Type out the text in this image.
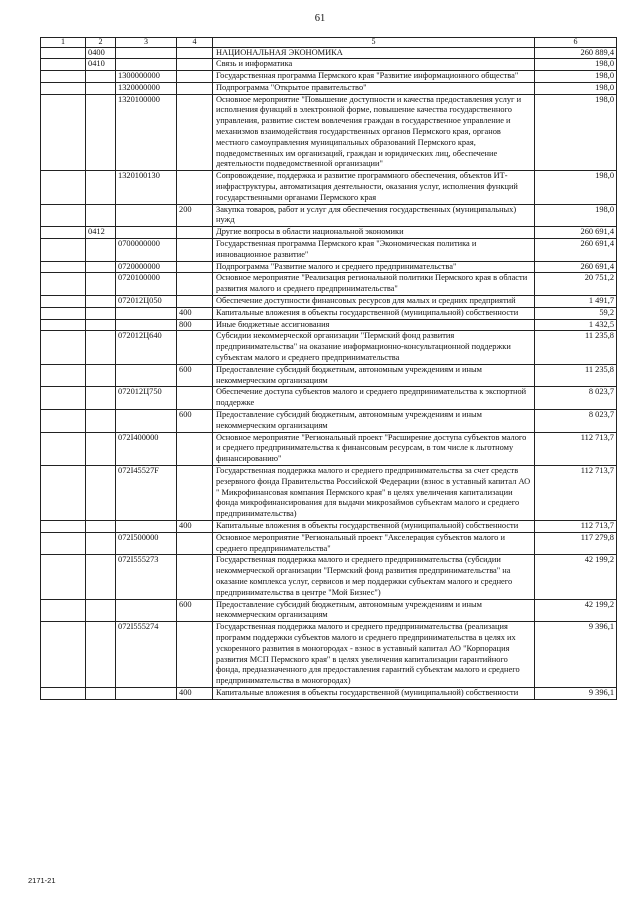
61
1	2	3	4	5	6
	0400			НАЦИОНАЛЬНАЯ ЭКОНОМИКА	260 889,4
	0410			Связь и информатика	198,0
		1300000000		Государственная программа Пермского края "Развитие информационного общества"	198,0
		1320000000		Подпрограмма "Открытое правительство"	198,0
		1320100000		Основное мероприятие "Повышение доступности и качества предоставления услуг и исполнения функций в электронной форме, повышение качества государственного управления, развитие систем вовлечения граждан в государственное управление и механизмов взаимодействия государственных органов Пермского края, органов местного самоуправления муниципальных образований Пермского края, подведомственных им организаций, граждан и юридических лиц, обеспечение деятельности подведомственной организации"	198,0
		1320100130		Сопровождение, поддержка и развитие программного обеспечения, объектов ИТ-инфраструктуры, автоматизация деятельности, оказания услуг, исполнения функций государственными органами Пермского края	198,0
			200	Закупка товаров, работ и услуг для обеспечения государственных (муниципальных) нужд	198,0
	0412			Другие вопросы в области национальной экономики	260 691,4
		0700000000		Государственная программа Пермского края "Экономическая политика и инновационное развитие"	260 691,4
		0720000000		Подпрограмма "Развитие малого и среднего предпринимательства"	260 691,4
		0720100000		Основное мероприятие "Реализация региональной политики Пермского края в области развития малого и среднего предпринимательства"	20 751,2
		072012Ц050		Обеспечение доступности финансовых ресурсов для малых и средних предприятий	1 491,7
			400	Капитальные вложения в объекты государственной (муниципальной) собственности	59,2
			800	Иные бюджетные ассигнования	1 432,5
		072012Ц640		Субсидии некоммерческой организации "Пермский фонд развития предпринимательства" на оказание информационно-консультационной поддержки субъектам малого и среднего предпринимательства	11 235,8
			600	Предоставление субсидий бюджетным, автономным учреждениям и иным некоммерческим организациям	11 235,8
		072012Ц750		Обеспечение доступа субъектов малого и среднего предпринимательства к экспортной поддержке	8 023,7
			600	Предоставление субсидий бюджетным, автономным учреждениям и иным некоммерческим организациям	8 023,7
		072I400000		Основное мероприятие "Региональный проект "Расширение доступа субъектов малого и среднего предпринимательства к финансовым ресурсам, в том числе к льготному финансированию"	112 713,7
		072I45527F		Государственная поддержка малого и среднего предпринимательства за счет средств резервного фонда Правительства Российской Федерации (взнос в уставный капитал АО " Микрофинансовая компания Пермского края" в целях увеличения капитализации фонда микрофинансирования для выдачи микрозаймов субъектам малого и среднего предпринимательства)	112 713,7
			400	Капитальные вложения в объекты государственной (муниципальной) собственности	112 713,7
		072I500000		Основное мероприятие "Региональный проект "Акселерация субъектов малого и среднего предпринимательства"	117 279,8
		072I555273		Государственная поддержка малого и среднего предпринимательства (субсидии некоммерческой организации "Пермский фонд развития предпринимательства" на оказание комплекса услуг, сервисов и мер поддержки субъектам малого и среднего предпринимательства в центре "Мой Бизнес")	42 199,2
			600	Предоставление субсидий бюджетным, автономным учреждениям и иным некоммерческим организациям	42 199,2
		072I555274		Государственная поддержка малого и среднего предпринимательства (реализация программ поддержки субъектов малого и среднего предпринимательства в целях их ускоренного развития в моногородах - взнос в уставный капитал АО "Корпорация развития МСП Пермского края" в целях увеличения капитализации гарантийного фонда, предназначенного для предоставления гарантий субъектам малого и среднего предпринимательства в моногородах)	9 396,1
			400	Капитальные вложения в объекты государственной (муниципальной) собственности	9 396,1
2171-21
